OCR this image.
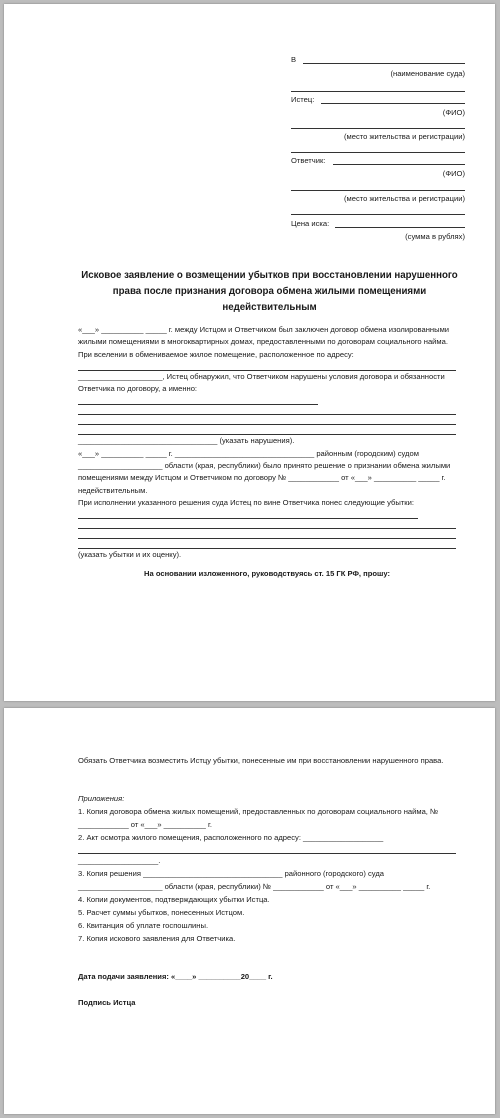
В
(наименование суда)
Истец:
(ФИО)
(место жительства и регистрации)
Ответчик:
(ФИО)
(место жительства и регистрации)
Цена иска:
(сумма в рублях)
Исковое заявление о возмещении убытков при восстановлении нарушенного права после признания договора обмена жилыми помещениями недействительным

«___» __________ _____ г. между Истцом и Ответчиком был заключен договор обмена изолированными жилыми помещениями в многоквартирных домах, предоставленными по договорам социального найма.

При вселении в обмениваемое жилое помещение, расположенное по адресу:

____________________, Истец обнаружил, что Ответчиком нарушены условия договора и обязанности Ответчика по договору, а именно:

_________________________________ (указать нарушения).

«___» __________ _____ г. _________________________________ районным (городским) судом ____________________ области (края, республики) было принято решение о признании обмена жилыми помещениями между Истцом и Ответчиком по договору № ____________ от «___» __________ _____ г. недействительным.

При исполнении указанного решения суда Истец по вине Ответчика понес следующие убытки:

(указать убытки и их оценку).

На основании изложенного, руководствуясь ст. 15 ГК РФ, прошу:

Обязать Ответчика возместить Истцу убытки, понесенные им при восстановлении нарушенного права.

Приложения:

1. Копия договора обмена жилых помещений, предоставленных по договорам социального найма, № ____________ от «___» __________ г.

2. Акт осмотра жилого помещения, расположенного по адресу: ___________________

___________________.

3. Копия решения _________________________________ районного (городского) суда ____________________ области (края, республики) № ____________ от «___» __________ _____ г.

4. Копии документов, подтверждающих убытки Истца.

5. Расчет суммы убытков, понесенных Истцом.

6. Квитанция об уплате госпошлины.

7. Копия искового заявления для Ответчика.

Дата подачи заявления: «____» __________20____ г.

Подпись Истца
